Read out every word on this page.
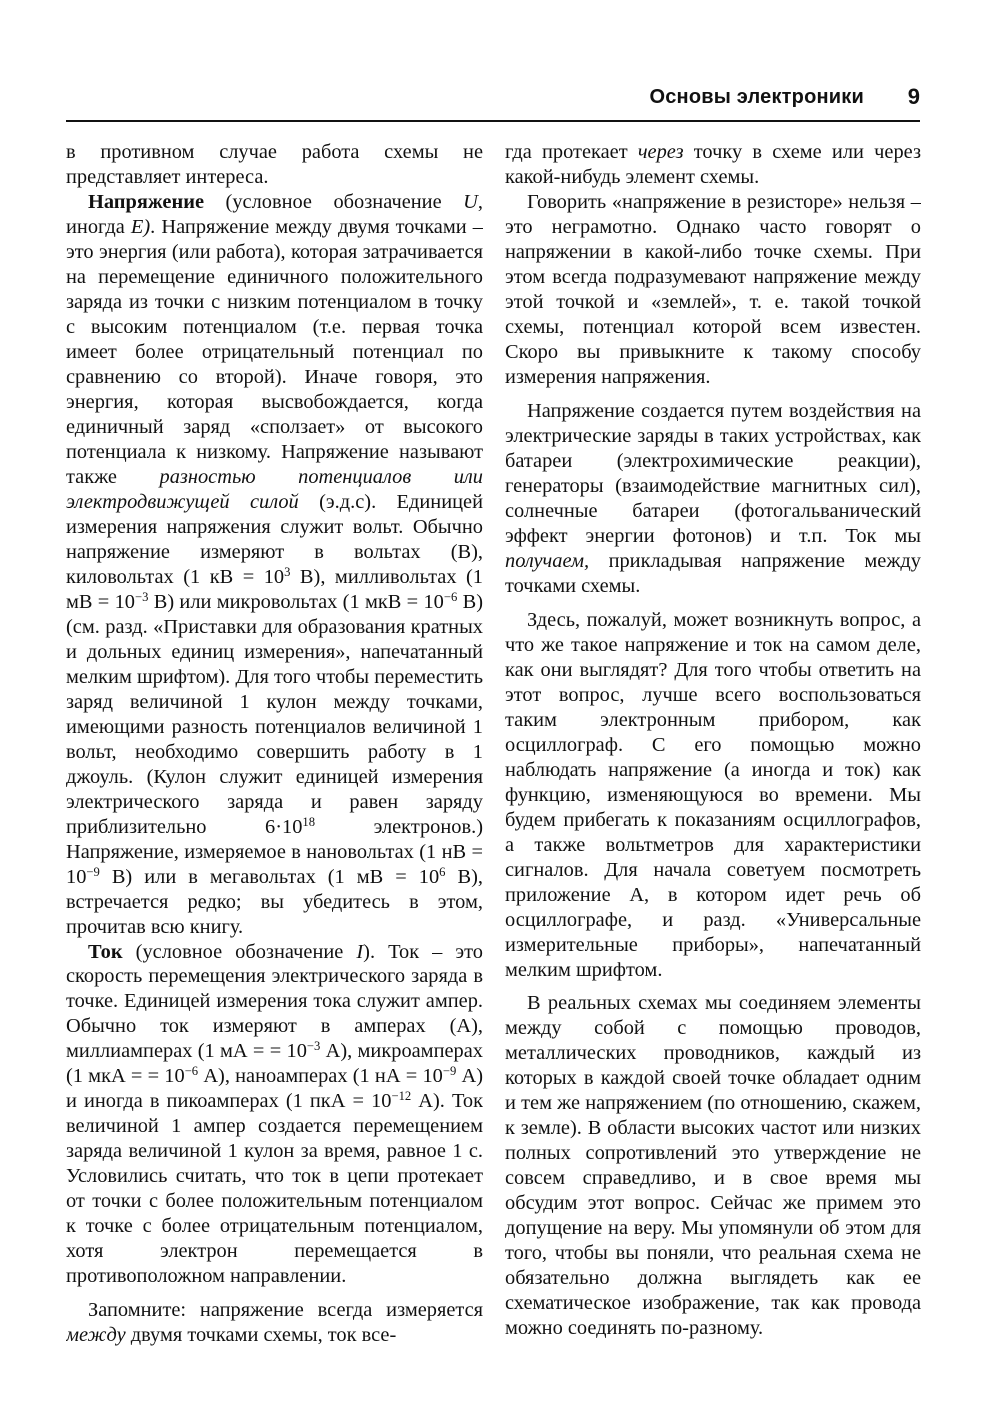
Основы электроники 9

в противном случае работа схемы не представляет интереса.

Напряжение (условное обозначение U, иногда E). Напряжение между двумя точками – это энергия (или работа), которая затрачивается на перемещение единичного положительного заряда из точки с низким потенциалом в точку с высоким потенциалом (т.е. первая точка имеет более отрицательный потенциал по сравнению со второй). Иначе говоря, это энергия, которая высвобождается, когда единичный заряд «сползает» от высокого потенциала к низкому. Напряжение называют также разностью потенциалов или электродвижущей силой (э.д.с). Единицей измерения напряжения служит вольт. Обычно напряжение измеряют в вольтах (В), киловольтах (1 кВ = $10^3$ В), милливольтах (1 мВ = $10^{-3}$ В) или микровольтах (1 мкВ = $10^{-6}$ В) (см. разд. «Приставки для образования кратных и дольных единиц измерения», напечатанный мелким шрифтом). Для того чтобы переместить заряд величиной 1 кулон между точками, имеющими разность потенциалов величиной 1 вольт, необходимо совершить работу в 1 джоуль. (Кулон служит единицей измерения электрического заряда и равен заряду приблизительно $6\cdot 10^{18}$ электронов.) Напряжение, измеряемое в нановольтах (1 нВ = $10^{-9}$ В) или в мегавольтах (1 мВ = $10^6$ В), встречается редко; вы убедитесь в этом, прочитав всю книгу.

Ток (условное обозначение I). Ток – это скорость перемещения электрического заряда в точке. Единицей измерения тока служит ампер. Обычно ток измеряют в амперах (А), миллиамперах (1 мА = = $10^{-3}$ А), микроамперах (1 мкА = = $10^{-6}$ А), наноамперах (1 нА = $10^{-9}$ А) и иногда в пикоамперах (1 пкА = $10^{-12}$ А). Ток величиной 1 ампер создается перемещением заряда величиной 1 кулон за время, равное 1 с. Условились считать, что ток в цепи протекает от точки с более положительным потенциалом к точке с более отрицательным потенциалом, хотя электрон перемещается в противоположном направлении.

Запомните: напряжение всегда измеряется между двумя точками схемы, ток все-

гда протекает через точку в схеме или через какой-нибудь элемент схемы.

Говорить «напряжение в резисторе» нельзя – это неграмотно. Однако часто говорят о напряжении в какой-либо точке схемы. При этом всегда подразумевают напряжение между этой точкой и «землей», т. е. такой точкой схемы, потенциал которой всем известен. Скоро вы привыкните к такому способу измерения напряжения.

Напряжение создается путем воздействия на электрические заряды в таких устройствах, как батареи (электрохимические реакции), генераторы (взаимодействие магнитных сил), солнечные батареи (фотогальванический эффект энергии фотонов) и т.п. Ток мы получаем, прикладывая напряжение между точками схемы.

Здесь, пожалуй, может возникнуть вопрос, а что же такое напряжение и ток на самом деле, как они выглядят? Для того чтобы ответить на этот вопрос, лучше всего воспользоваться таким электронным прибором, как осциллограф. С его помощью можно наблюдать напряжение (а иногда и ток) как функцию, изменяющуюся во времени. Мы будем прибегать к показаниям осциллографов, а также вольтметров для характеристики сигналов. Для начала советуем посмотреть приложение А, в котором идет речь об осциллографе, и разд. «Универсальные измерительные приборы», напечатанный мелким шрифтом.

В реальных схемах мы соединяем элементы между собой с помощью проводов, металлических проводников, каждый из которых в каждой своей точке обладает одним и тем же напряжением (по отношению, скажем, к земле). В области высоких частот или низких полных сопротивлений это утверждение не совсем справедливо, и в свое время мы обсудим этот вопрос. Сейчас же примем это допущение на веру. Мы упомянули об этом для того, чтобы вы поняли, что реальная схема не обязательно должна выглядеть как ее схематическое изображение, так как провода можно соединять по-разному.
